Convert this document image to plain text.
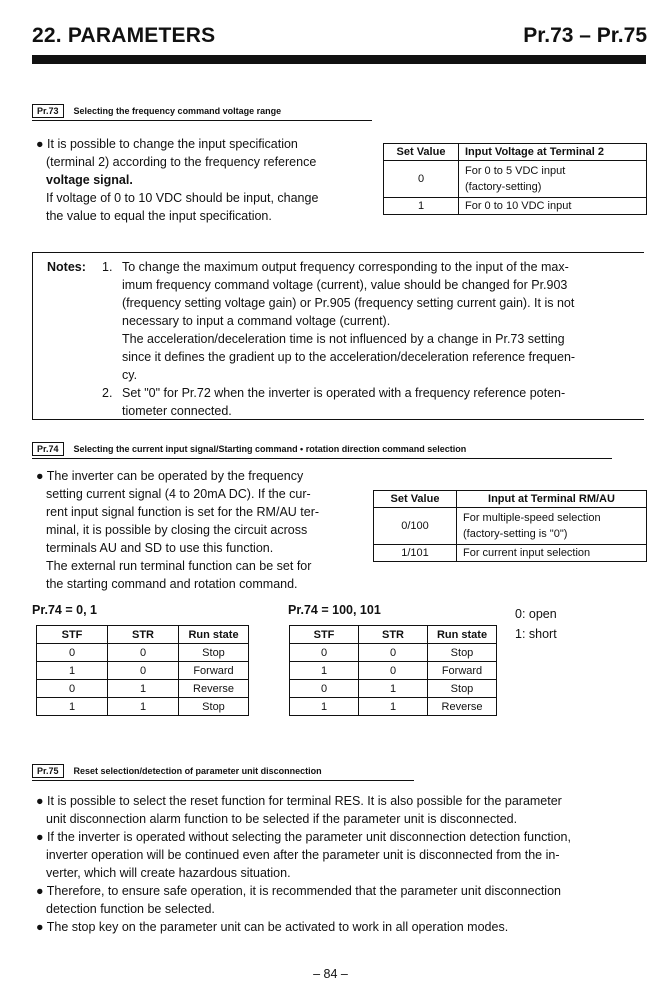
22. PARAMETERS	Pr.73 – Pr.75
Pr.73 Selecting the frequency command voltage range
● It is possible to change the input specification
(terminal 2) according to the frequency reference
voltage signal.
If voltage of 0 to 10 VDC should be input, change
the value to equal the input specification.
Set Value	Input Voltage at Terminal 2
0	For 0 to 5 VDC input
(factory-setting)

1	For 0 to 10 VDC input
Notes:	1. To change the maximum output frequency corresponding to the input of the max-
imum frequency command voltage (current), value should be changed for Pr.903
(frequency setting voltage gain) or Pr.905 (frequency setting current gain). It is not
necessary to input a command voltage (current).
The acceleration/deceleration time is not influenced by a change in Pr.73 setting
since it defines the gradient up to the acceleration/deceleration reference frequen-
cy.
2. Set "0" for Pr.72 when the inverter is operated with a frequency reference poten-
tiometer connected.
Pr.74 Selecting the current input signal/Starting command • rotation direction command selection
● The inverter can be operated by the frequency
setting current signal (4 to 20mA DC). If the cur-
rent input signal function is set for the RM/AU ter-
minal, it is possible by closing the circuit across
terminals AU and SD to use this function.
The external run terminal function can be set for
the starting command and rotation command.
Set Value	Input at Terminal RM/AU
0/100	For multiple-speed selection
(factory-setting is "0")

1/101	For current input selection
Pr.74 = 0, 1
STF	STR	Run state
0	0	Stop
1	0	Forward
0	1	Reverse
1	1	Stop
Pr.74 = 100, 101
STF	STR	Run state
0	0	Stop
1	0	Forward
0	1	Stop
1	1	Reverse
0: open
1: short
Pr.75 Reset selection/detection of parameter unit disconnection
● It is possible to select the reset function for terminal RES. It is also possible for the parameter
unit disconnection alarm function to be selected if the parameter unit is disconnected.
● If the inverter is operated without selecting the parameter unit disconnection detection function,
inverter operation will be continued even after the parameter unit is disconnected from the in-
verter, which will create hazardous situation.
● Therefore, to ensure safe operation, it is recommended that the parameter unit disconnection
detection function be selected.
● The stop key on the parameter unit can be activated to work in all operation modes.
– 84 –
